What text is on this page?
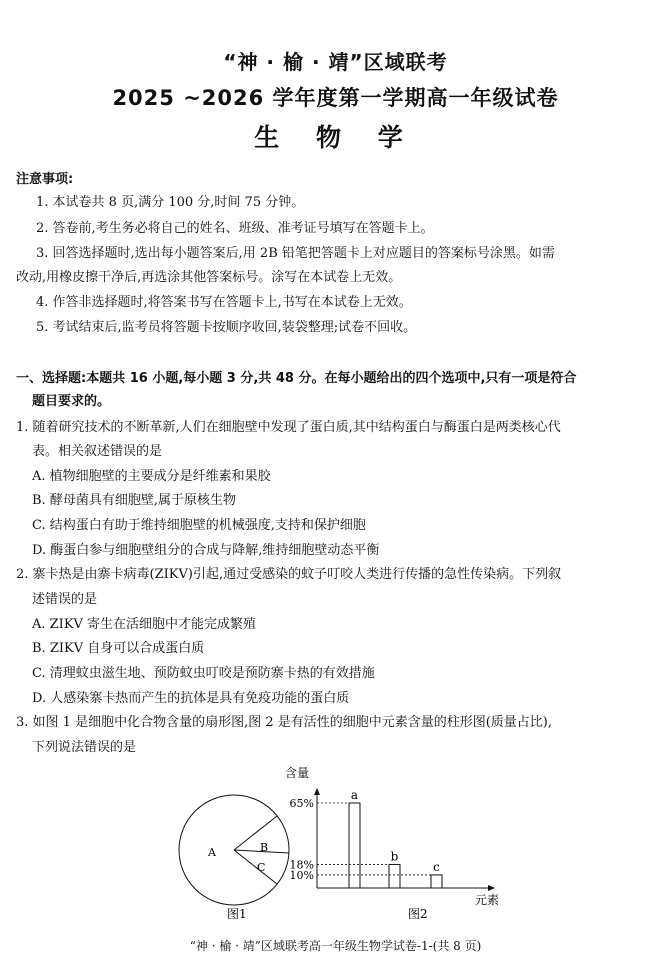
“神 · 榆 · 靖”区域联考
2025 ~2026 学年度第一学期高一年级试卷
生 物 学
注意事项:
1. 本试卷共 8 页,满分 100 分,时间 75 分钟。
2. 答卷前,考生务必将自己的姓名、班级、准考证号填写在答题卡上。
3. 回答选择题时,选出每小题答案后,用 2B 铅笔把答题卡上对应题目的答案标号涂黑。如需
改动,用橡皮擦干净后,再选涂其他答案标号。涂写在本试卷上无效。
4. 作答非选择题时,将答案书写在答题卡上,书写在本试卷上无效。
5. 考试结束后,监考员将答题卡按顺序收回,装袋整理;试卷不回收。
一、选择题:本题共 16 小题,每小题 3 分,共 48 分。在每小题给出的四个选项中,只有一项是符合
题目要求的。
1. 随着研究技术的不断革新,人们在细胞壁中发现了蛋白质,其中结构蛋白与酶蛋白是两类核心代
表。相关叙述错误的是
A. 植物细胞壁的主要成分是纤维素和果胶
B. 酵母菌具有细胞壁,属于原核生物
C. 结构蛋白有助于维持细胞壁的机械强度,支持和保护细胞
D. 酶蛋白参与细胞壁组分的合成与降解,维持细胞壁动态平衡
2. 寨卡热是由寨卡病毒(ZIKV)引起,通过受感染的蚊子叮咬人类进行传播的急性传染病。下列叙
述错误的是
A. ZIKV 寄生在活细胞中才能完成繁殖
B. ZIKV 自身可以合成蛋白质
C. 清理蚊虫滋生地、预防蚊虫叮咬是预防寨卡热的有效措施
D. 人感染寨卡热而产生的抗体是具有免疫功能的蛋白质
3. 如图 1 是细胞中化合物含量的扇形图,图 2 是有活性的细胞中元素含量的柱形图(质量占比),
下列说法错误的是
A	B
C
图1
含量
元素
图2
65%
a
18%
b
10%
c
“神 · 榆 · 靖”区域联考高一年级生物学试卷-1-(共 8 页)
